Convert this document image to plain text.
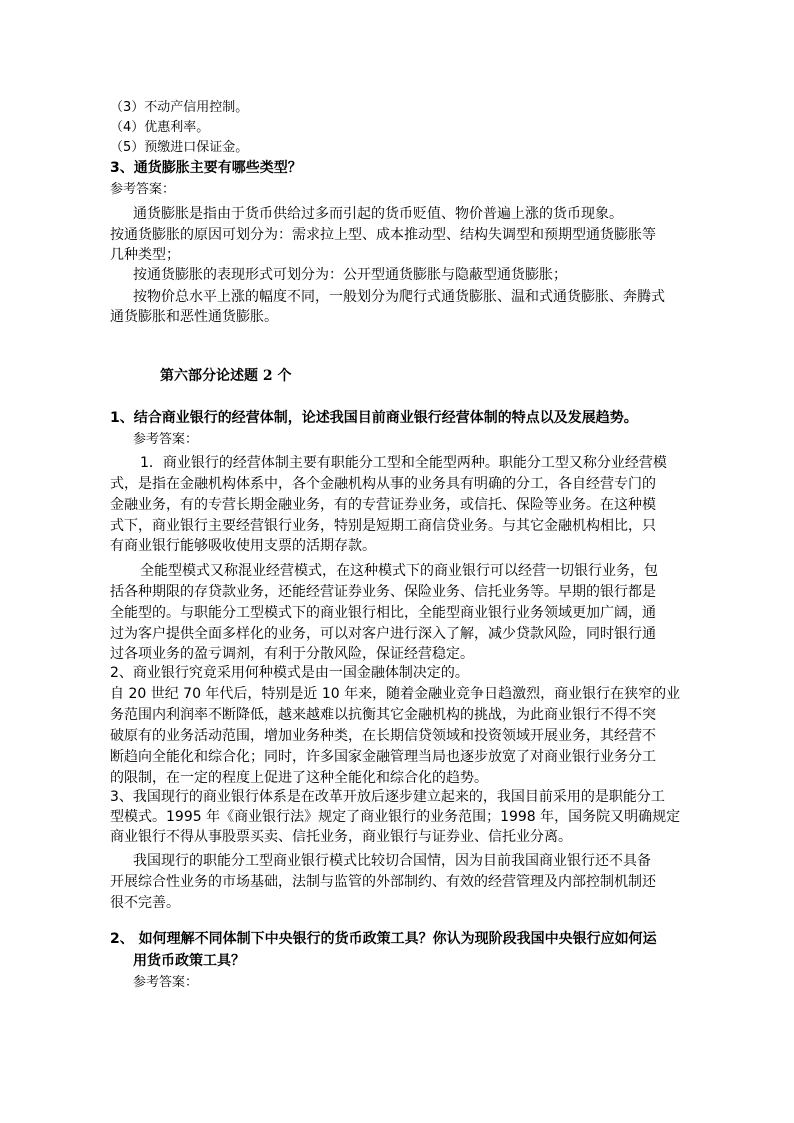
（3）不动产信用控制。
（4）优惠利率。
（5）预缴进口保证金。
3、通货膨胀主要有哪些类型？
参考答案：
通货膨胀是指由于货币供给过多而引起的货币贬值、物价普遍上涨的货币现象。
按通货膨胀的原因可划分为：需求拉上型、成本推动型、结构失调型和预期型通货膨胀等
几种类型；
按通货膨胀的表现形式可划分为：公开型通货膨胀与隐蔽型通货膨胀；
按物价总水平上涨的幅度不同，一般划分为爬行式通货膨胀、温和式通货膨胀、奔腾式
通货膨胀和恶性通货膨胀。
第六部分论述题 2 个
1、结合商业银行的经营体制，论述我国目前商业银行经营体制的特点以及发展趋势。
参考答案：
1．商业银行的经营体制主要有职能分工型和全能型两种。职能分工型又称分业经营模
式，是指在金融机构体系中，各个金融机构从事的业务具有明确的分工，各自经营专门的
金融业务，有的专营长期金融业务，有的专营证券业务，或信托、保险等业务。在这种模
式下，商业银行主要经营银行业务，特别是短期工商信贷业务。与其它金融机构相比，只
有商业银行能够吸收使用支票的活期存款。
全能型模式又称混业经营模式，在这种模式下的商业银行可以经营一切银行业务，包
括各种期限的存贷款业务，还能经营证券业务、保险业务、信托业务等。早期的银行都是
全能型的。与职能分工型模式下的商业银行相比，全能型商业银行业务领域更加广阔，通
过为客户提供全面多样化的业务，可以对客户进行深入了解，减少贷款风险，同时银行通
过各项业务的盈亏调剂，有利于分散风险，保证经营稳定。
2、商业银行究竟采用何种模式是由一国金融体制决定的。
自 20 世纪 70 年代后，特别是近 10 年来，随着金融业竞争日趋激烈，商业银行在狭窄的业
务范围内利润率不断降低，越来越难以抗衡其它金融机构的挑战，为此商业银行不得不突
破原有的业务活动范围，增加业务种类，在长期信贷领域和投资领域开展业务，其经营不
断趋向全能化和综合化；同时，许多国家金融管理当局也逐步放宽了对商业银行业务分工
的限制，在一定的程度上促进了这种全能化和综合化的趋势。
3、我国现行的商业银行体系是在改革开放后逐步建立起来的，我国目前采用的是职能分工
型模式。1995 年《商业银行法》规定了商业银行的业务范围；1998 年，国务院又明确规定
商业银行不得从事股票买卖、信托业务，商业银行与证券业、信托业分离。
我国现行的职能分工型商业银行模式比较切合国情，因为目前我国商业银行还不具备
开展综合性业务的市场基础，法制与监管的外部制约、有效的经营管理及内部控制机制还
很不完善。
2、 如何理解不同体制下中央银行的货币政策工具？你认为现阶段我国中央银行应如何运
用货币政策工具？
参考答案：
